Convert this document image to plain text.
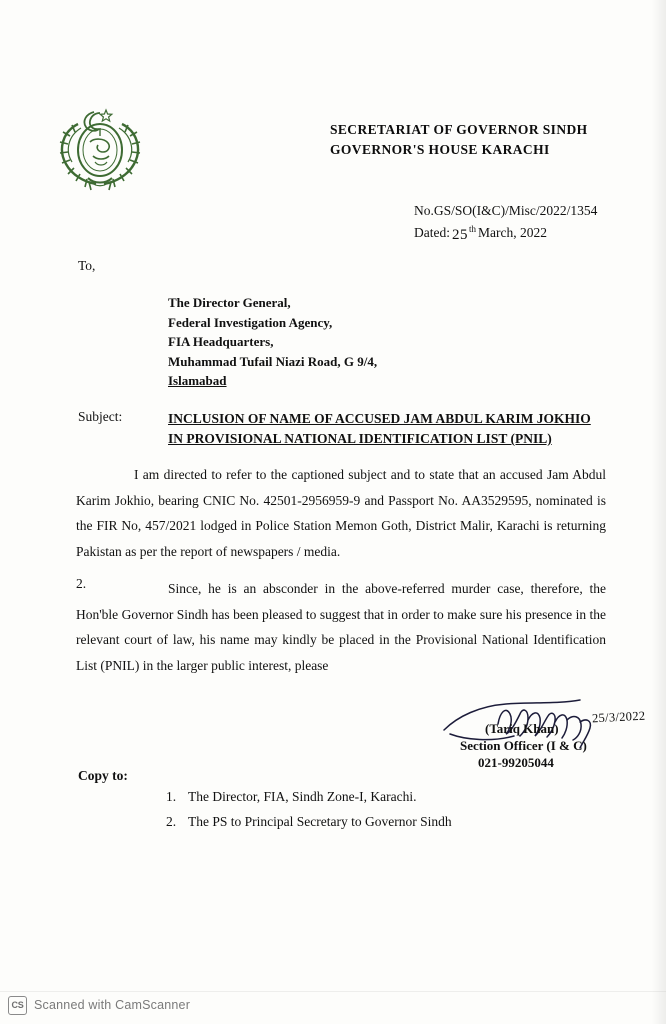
SECRETARIAT OF GOVERNOR SINDH
GOVERNOR'S HOUSE KARACHI
No.GS/SO(I&C)/Misc/2022/1354
Dated: 25 th March, 2022
To,
The Director General,
Federal Investigation Agency,
FIA Headquarters,
Muhammad Tufail Niazi Road, G 9/4,
Islamabad
Subject:	INCLUSION OF NAME OF ACCUSED JAM ABDUL KARIM JOKHIO IN PROVISIONAL NATIONAL IDENTIFICATION LIST (PNIL)
I am directed to refer to the captioned subject and to state that an accused Jam Abdul Karim Jokhio, bearing CNIC No. 42501-2956959-9 and Passport No. AA3529595, nominated is the FIR No, 457/2021 lodged in Police Station Memon Goth, District Malir, Karachi is returning Pakistan as per the report of newspapers / media.
2.	Since, he is an absconder in the above-referred murder case, therefore, the Hon'ble Governor Sindh has been pleased to suggest that in order to make sure his presence in the relevant court of law, his name may kindly be placed in the Provisional National Identification List (PNIL) in the larger public interest, please
25/3/2022
(Tariq Khan)
Section Officer (I & C)
021-99205044
Copy to:
1. The Director, FIA, Sindh Zone-I, Karachi.
2. The PS to Principal Secretary to Governor Sindh
CS Scanned with CamScanner
